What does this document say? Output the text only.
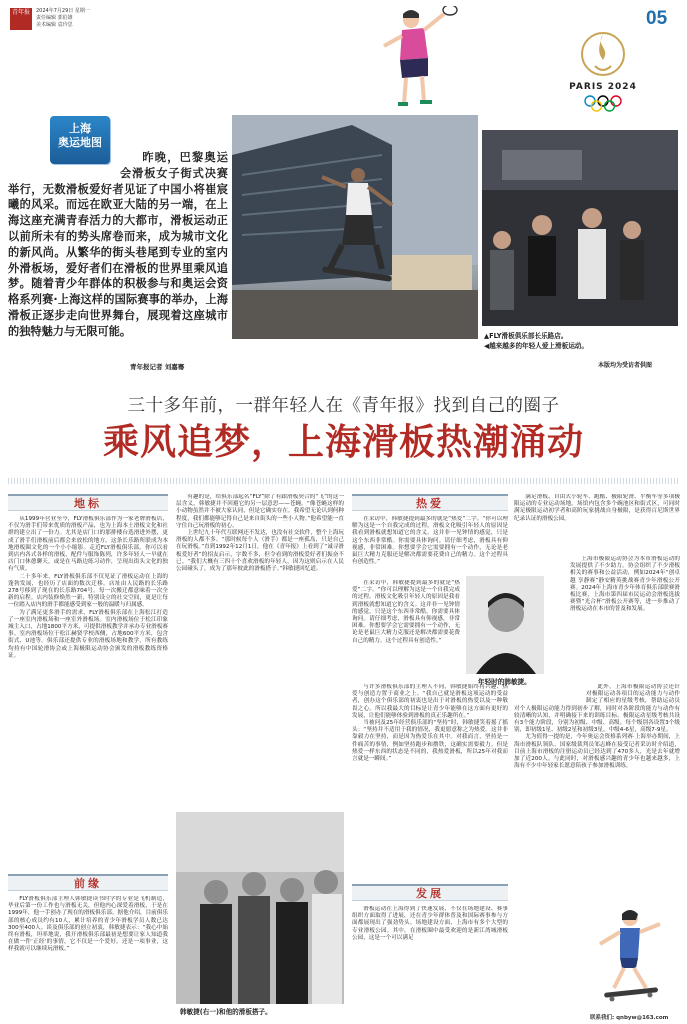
青年报	2024年7月29日 星期一
责任编辑 郭伯雄
美术编辑 袁玲思	05
PARIS 2024
上海
奥运地图
昨晚，巴黎奥运会滑板女子街式决赛举行，无数滑板爱好者见证了中国小将崔宸曦的风采。而远在欧亚大陆的另一端，在上海这座充满青春活力的大都市，滑板运动正以前所未有的势头席卷而来，成为城市文化的新风尚。从繁华的街头巷尾到专业的室内外滑板场，爱好者们在滑板的世界里乘风追梦。随着青少年群体的积极参与和奥运会资格系列赛·上海这样的国际赛事的举办，上海滑板正逐步走向世界舞台，展现着这座城市的独特魅力与无限可能。
青年报记者 刘嘉骞
▲FLY滑板俱乐部长乐路店。
◀越来越多的年轻人爱上滑板运动。
本版均为受访者供图
三十多年前，一群年轻人在《青年报》找到自己的圈子
乘风追梦，上海滑板热潮涌动
地标

从1999年营业至今，FLY滑板俱乐部作为一家老牌滑板店，不仅为滑手们带来优质的滑板产品，也为上海本土滑板文化和社群的建立出了一份力。尤其是店门口的那排楼台选滑进外摆，更成了滑手们滑板前后都会来放松的地方。这条长乐路所联成为本地滑板圈文化的一个小小缩影。走近FLY滑板俱乐部，你可以看到店内各式各样的滑板、配件与服饰陈列，许多年轻人一早就在店门口休憩聊天，或是在马路边练习动作，呈现出街头文化的独有气质。

二十多年来，FLY滑板俱乐部不仅见证了滑板运动在上海的蓬勃发展，也经历了店面的数次迁移。店址由人民路的长乐路278号移到了现在的长乐路704号。每一次搬迁都意味着一次全新的启程。店内装修焕然一新，特别设立的社交空间，更是让每一位踏入店内的滑手都能感受到家一般的温暖与归属感。

为了满足更多滑手的需求，FLY滑板俱乐部在上海松江打造了一座室内滑板场和一座室外滑板场。室内滑板场位于松江印象城主入口，占地1800平方米，可提供滑板教学并承办专业滑板赛事。室内滑板场位于松江赫贤学校西侧，占地600平方米，包含街式、U池等。俱乐部还提供专业的滑板场地和教学，所有教练均持有中国轮滑协会或上海极限运动协会颁发的滑板教练资格证。

前缘

FLY滑板俱乐部主理人韩敏捷读书时学的专业是飞机制造，毕业后第一份工作也与滑板无关，但他内心深爱着滑板，于是在1999年，他一手创办了现在的滑板俱乐部。据他介绍，目前俱乐部的核心成员约有10人，累计培养的青少年滑板学员人数已达300至400人。谈及俱乐部的创立初衷，韩敏捷表示：“我心中始终有滑板，坦率地说，我开滑板俱乐部最初是想要让家人知道我在做一件‘正经’的事情，它不仅是一个爱好，还是一项事业，这样我就可以继续玩滑板。”

有趣的是，给俱乐部起名“FLY”除了有跟滑板契合的“飞”的这一层含义，韩敏捷并不回避它的另一层意思——苍蝇。“像苍蝇这样的小动物虽然并不被大家认同，但是它确实存在。我希望无论认到何种程度，我们都能够记得自己是来自街头的一些小人物。”他希望能一直守住自己玩滑板的初心。

上世纪九十年代互联网还不发达，也没有社交软件，整个上海玩滑板的人都不多。“那时候每个人（滑手）都是一座孤岛，只是自己在玩滑板。”直到1992年12月1日，他在《青年报》上看到了“诚寻滑板爱好者”的招友启示，字数不多，但令看到的滑板爱好者们振奋不已。“我们大概有三四十个喜欢滑板的年轻人，因为这则启示在人民公园碰头了，成为了那年彼此的滑板搭子。”韩敏捷回忆道。

韩敏捷(右一)和他的滑板搭子。
热爱

在采访中，韩敏捷提到最多的就是“热爱”二字。“你可以理解为这是一个自我完成的过程。滑板文化吸引年轻人的原因是我看到滑板就想知道它的含义。这并非一见钟情的感觉，只是这个东西非常酷。你需要具体询问。请仔细考虑，滑板具有仰视感，非常困难。你想要学会它需要拥有一个动作，无论是老鼠巨大精力克服还是解决都需要花费自己的精力。这个过程具有创造性。”

在采访中，韩敏捷提到最多的就是“热爱”二字。“你可以理解为这是一个自我完成的过程。滑板文化吸引年轻人的原因是我看到滑板就想知道它的含义。这并非一见钟情的感觉，只是这个东西非常酷。你需要具体询问。请仔细考虑，滑板具有仰视感，非常困难。你想要学会它需要拥有一个动作，无论是老鼠巨大精力克服还是解决都需要花费自己的精力。这个过程具有创造性。”

年轻时的韩敏捷。

与许多滑板俱乐部的主理人不同，韩敏捷始终将兴趣、热爱与创造力置于商业之上。“我自己就是滑板这项运动的受益者，创办这个俱乐部的初衷也是出于对滑板的热爱以及一种敬畏之心。所以我最大的目标是让青少年能够在这方面有更好的发展，让他们能够体验到滑板的真正乐趣所在。”

当被问及25年经营俱乐部的“坚持”时，韩敏捷笑着摇了摇头：“坚持并不适用于我的情况，我更愿意称之为热爱。这并非靠毅力在坚持，而是因为热爱乐在其中。对我而言，坚持是一件痛苦的事情，例如坚持跑步和撸铁，这确实需要毅力。但是热爱一样东西的状态是不同的，我热爱滑板，所以25年对我而言就是一瞬间。”

发展

滑板运动在上海得到了快速发展，不仅在场地建设、赛事组织方面取得了进展，还在青少年群体普及和国际赛事参与方面都展现出了强劲势头。场地建设方面，上海市有多个大型的专业滑板公园。其中，在滑板圈中最受欢迎的是新江湾城滑板公园，这是一个可以满足

满足滑板、自由式小轮车、跑酷、极限轮滑、平衡车等多项极限运动的专业运动场地。场馆内包含多个碗池区和街式区，可同时满足极限运动初学者和高阶玩家挑战自身极限，是获得百尼斯世界纪录认证的滑板公园。

上海市极限运动协会为本市滑板运动的发展提供了不少助力。协会组织了不少滑板相关的赛事和公益活动，例如2024年“创卓越 享静赛”静安精英挑战赛青少年滑板公开赛。2024年上海市青少年体育俱乐部联赛滑板比赛，上海市第四届市民运动会滑板选拔赛暨“光合杯”滑板公开赛等，进一步推动了滑板运动在本市的普及和发展。

此外，上海市极限运动协会还针对极限运动各项目的运动能力与动作制定了相应的星级考核，帮助运动员对个人极限运动能力得到初步了解，同时对各阶段的能力与动作有较清晰的认知，并明确接下来的训练目标。极限运动星级考核共设有3个能力阶段，分别为初级、中级、高级。每个级别各设置3个级别，即初级1星、初级2星和初级3星，中级4-6星，高级7-9星。

尤为值得一提的是，今年奥运会资格系列赛·上海举办期间，上海市滑板队领队、国家级裁判员邹志峰在接受记者采访时介绍道，目前上海市滑板的注册运动员已经达到了470多人，光是去年就增加了近200人。与此同时，对滑板感兴趣的青少年也越来越多，上海有不少中年轻家长愿意陪孩子参加滑板训练。

联系我们: qnbyw@163.com
